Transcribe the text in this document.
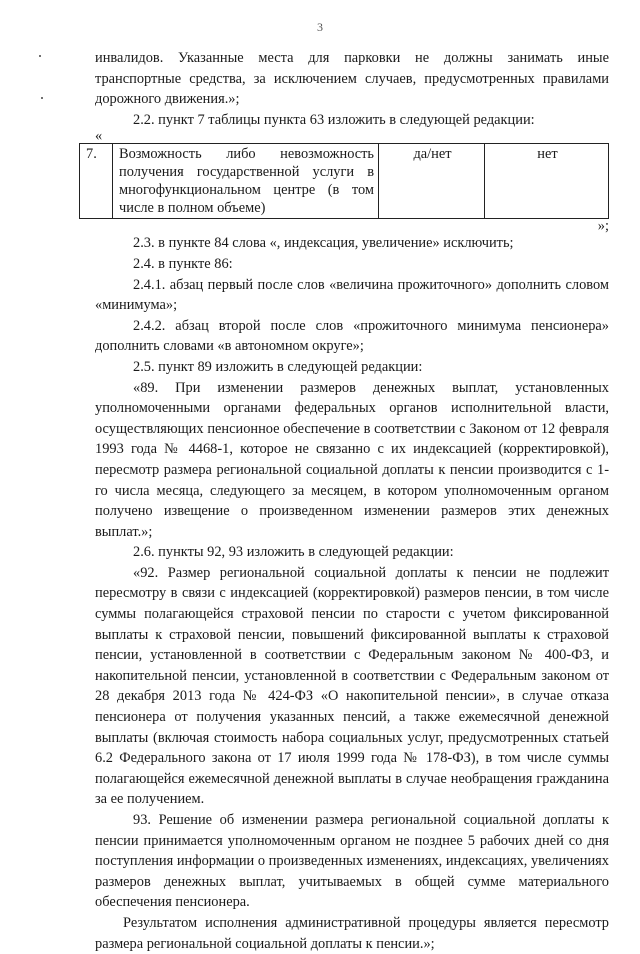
3

инвалидов. Указанные места для парковки не должны занимать иные транспортные средства, за исключением случаев, предусмотренных правилами дорожного движения.»;

2.2. пункт 7 таблицы пункта 63 изложить в следующей редакции:

«

7.	Возможность либо невозможность получения государственной услуги в многофункциональном центре (в том числе в полном объеме)	да/нет	нет

»;

2.3. в пункте 84 слова «, индексация, увеличение» исключить;

2.4. в пункте 86:

2.4.1. абзац первый после слов «величина прожиточного» дополнить словом «минимума»;

2.4.2. абзац второй после слов «прожиточного минимума пенсионера» дополнить словами «в автономном округе»;

2.5. пункт 89 изложить в следующей редакции:

«89. При изменении размеров денежных выплат, установленных уполномоченными органами федеральных органов исполнительной власти, осуществляющих пенсионное обеспечение в соответствии с Законом от 12 февраля 1993 года № 4468-1, которое не связанно с их индексацией (корректировкой), пересмотр размера региональной социальной доплаты к пенсии производится с 1-го числа месяца, следующего за месяцем, в котором уполномоченным органом получено извещение о произведенном изменении размеров этих денежных выплат.»;

2.6. пункты 92, 93 изложить в следующей редакции:

«92. Размер региональной социальной доплаты к пенсии не подлежит пересмотру в связи с индексацией (корректировкой) размеров пенсии, в том числе суммы полагающейся страховой пенсии по старости с учетом фиксированной выплаты к страховой пенсии, повышений фиксированной выплаты к страховой пенсии, установленной в соответствии с Федеральным законом № 400-ФЗ, и накопительной пенсии, установленной в соответствии с Федеральным законом от 28 декабря 2013 года № 424-ФЗ «О накопительной пенсии», в случае отказа пенсионера от получения указанных пенсий, а также ежемесячной денежной выплаты (включая стоимость набора социальных услуг, предусмотренных статьей 6.2 Федерального закона от 17 июля 1999 года № 178-ФЗ), в том числе суммы полагающейся ежемесячной денежной выплаты в случае необращения гражданина за ее получением.

93. Решение об изменении размера региональной социальной доплаты к пенсии принимается уполномоченным органом не позднее 5 рабочих дней со дня поступления информации о произведенных изменениях, индексациях, увеличениях размеров денежных выплат, учитываемых в общей сумме материального обеспечения пенсионера.

Результатом исполнения административной процедуры является пересмотр размера региональной социальной доплаты к пенсии.»;
